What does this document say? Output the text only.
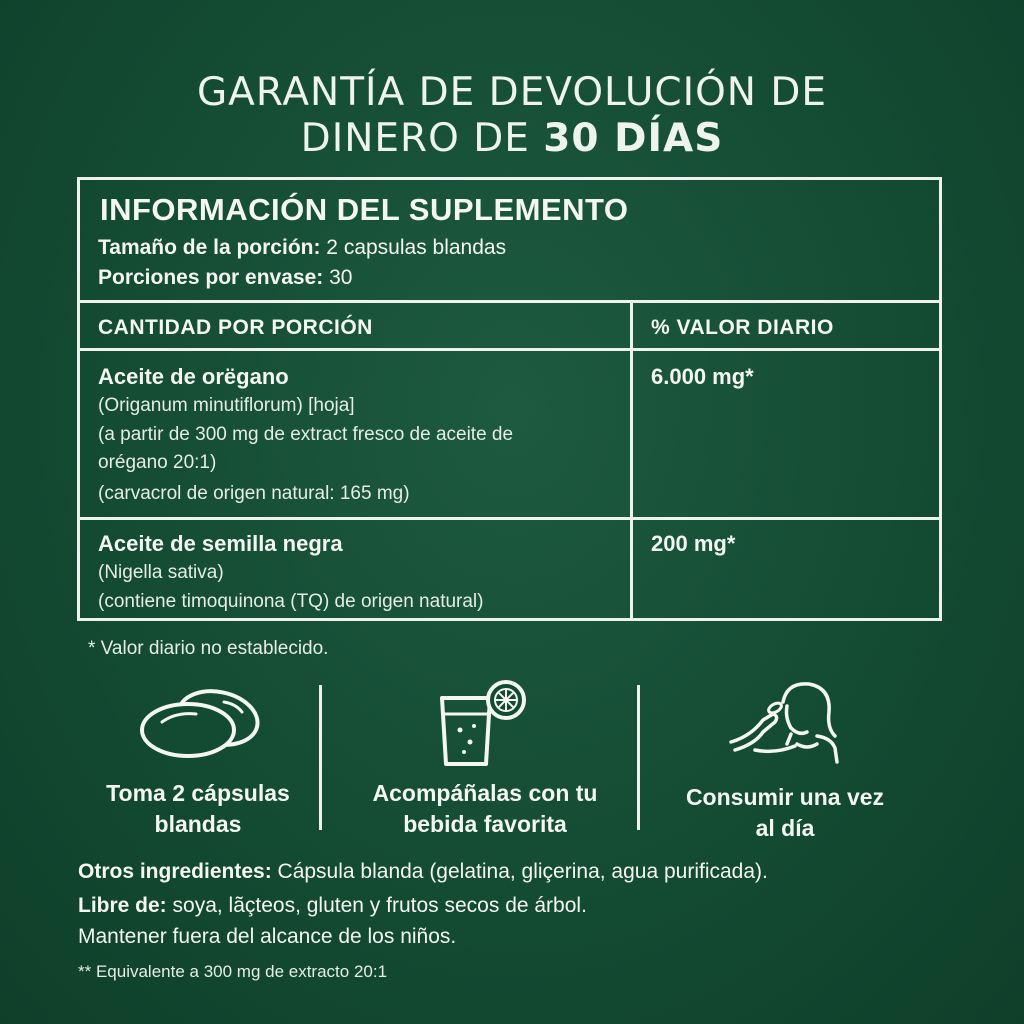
GARANTÍA DE DEVOLUCIÓN DE
DINERO DE 30 DÍAS
INFORMACIÓN DEL SUPLEMENTO
Tamaño de la porción: 2 capsulas blandas
Porciones por envase: 30
CANTIDAD POR PORCIÓN	% VALOR DIARIO
Aceite de orëgano
(Origanum minutiflorum) [hoja]
(a partir de 300 mg de extract fresco de aceite de
orégano 20:1)
(carvacrol de origen natural: 165 mg)
6.000 mg*
Aceite de semilla negra
(Nigella sativa)
(contiene timoquinona (TQ) de origen natural)
200 mg*
* Valor diario no establecido.
Toma 2 cápsulas
blandas
Acompáñalas con tu
bebida favorita
Consumir una vez
al día
Otros ingredientes: Cápsula blanda (gelatina, gliçerina, agua purificada).
Libre de: soya, lãçteos, gluten y frutos secos de árbol.
Mantener fuera del alcance de los niños.
** Equivalente a 300 mg de extracto 20:1
